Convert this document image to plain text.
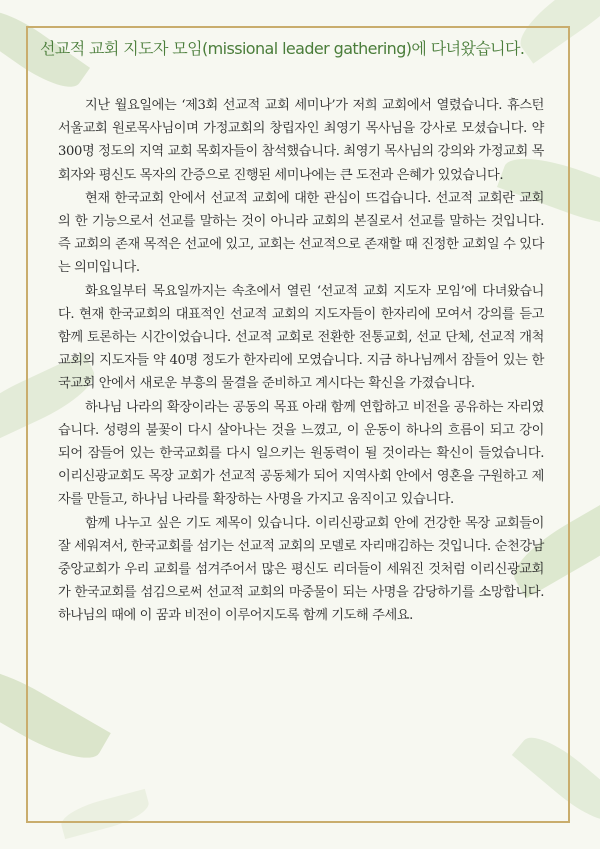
선교적 교회 지도자 모임(missional leader gathering)에 다녀왔습니다.

지난 월요일에는 ‘제3회 선교적 교회 세미나’가 저희 교회에서 열렸습니다. 휴스턴 서울교회 원로목사님이며 가정교회의 창립자인 최영기 목사님을 강사로 모셨습니다. 약 300명 정도의 지역 교회 목회자들이 참석했습니다. 최영기 목사님의 강의와 가정교회 목회자와 평신도 목자의 간증으로 진행된 세미나에는 큰 도전과 은혜가 있었습니다.

현재 한국교회 안에서 선교적 교회에 대한 관심이 뜨겁습니다. 선교적 교회란 교회의 한 기능으로서 선교를 말하는 것이 아니라 교회의 본질로서 선교를 말하는 것입니다. 즉 교회의 존재 목적은 선교에 있고, 교회는 선교적으로 존재할 때 진정한 교회일 수 있다는 의미입니다.

화요일부터 목요일까지는 속초에서 열린 ‘선교적 교회 지도자 모임’에 다녀왔습니다. 현재 한국교회의 대표적인 선교적 교회의 지도자들이 한자리에 모여서 강의를 듣고 함께 토론하는 시간이었습니다. 선교적 교회로 전환한 전통교회, 선교 단체, 선교적 개척교회의 지도자들 약 40명 정도가 한자리에 모였습니다. 지금 하나님께서 잠들어 있는 한국교회 안에서 새로운 부흥의 물결을 준비하고 계시다는 확신을 가졌습니다.

하나님 나라의 확장이라는 공동의 목표 아래 함께 연합하고 비전을 공유하는 자리였습니다. 성령의 불꽃이 다시 살아나는 것을 느꼈고, 이 운동이 하나의 흐름이 되고 강이 되어 잠들어 있는 한국교회를 다시 일으키는 원동력이 될 것이라는 확신이 들었습니다. 이리신광교회도 목장 교회가 선교적 공동체가 되어 지역사회 안에서 영혼을 구원하고 제자를 만들고, 하나님 나라를 확장하는 사명을 가지고 움직이고 있습니다.

함께 나누고 싶은 기도 제목이 있습니다. 이리신광교회 안에 건강한 목장 교회들이 잘 세워져서, 한국교회를 섬기는 선교적 교회의 모델로 자리매김하는 것입니다. 순천강남중앙교회가 우리 교회를 섬겨주어서 많은 평신도 리더들이 세워진 것처럼 이리신광교회가 한국교회를 섬김으로써 선교적 교회의 마중물이 되는 사명을 감당하기를 소망합니다. 하나님의 때에 이 꿈과 비전이 이루어지도록 함께 기도해 주세요.
